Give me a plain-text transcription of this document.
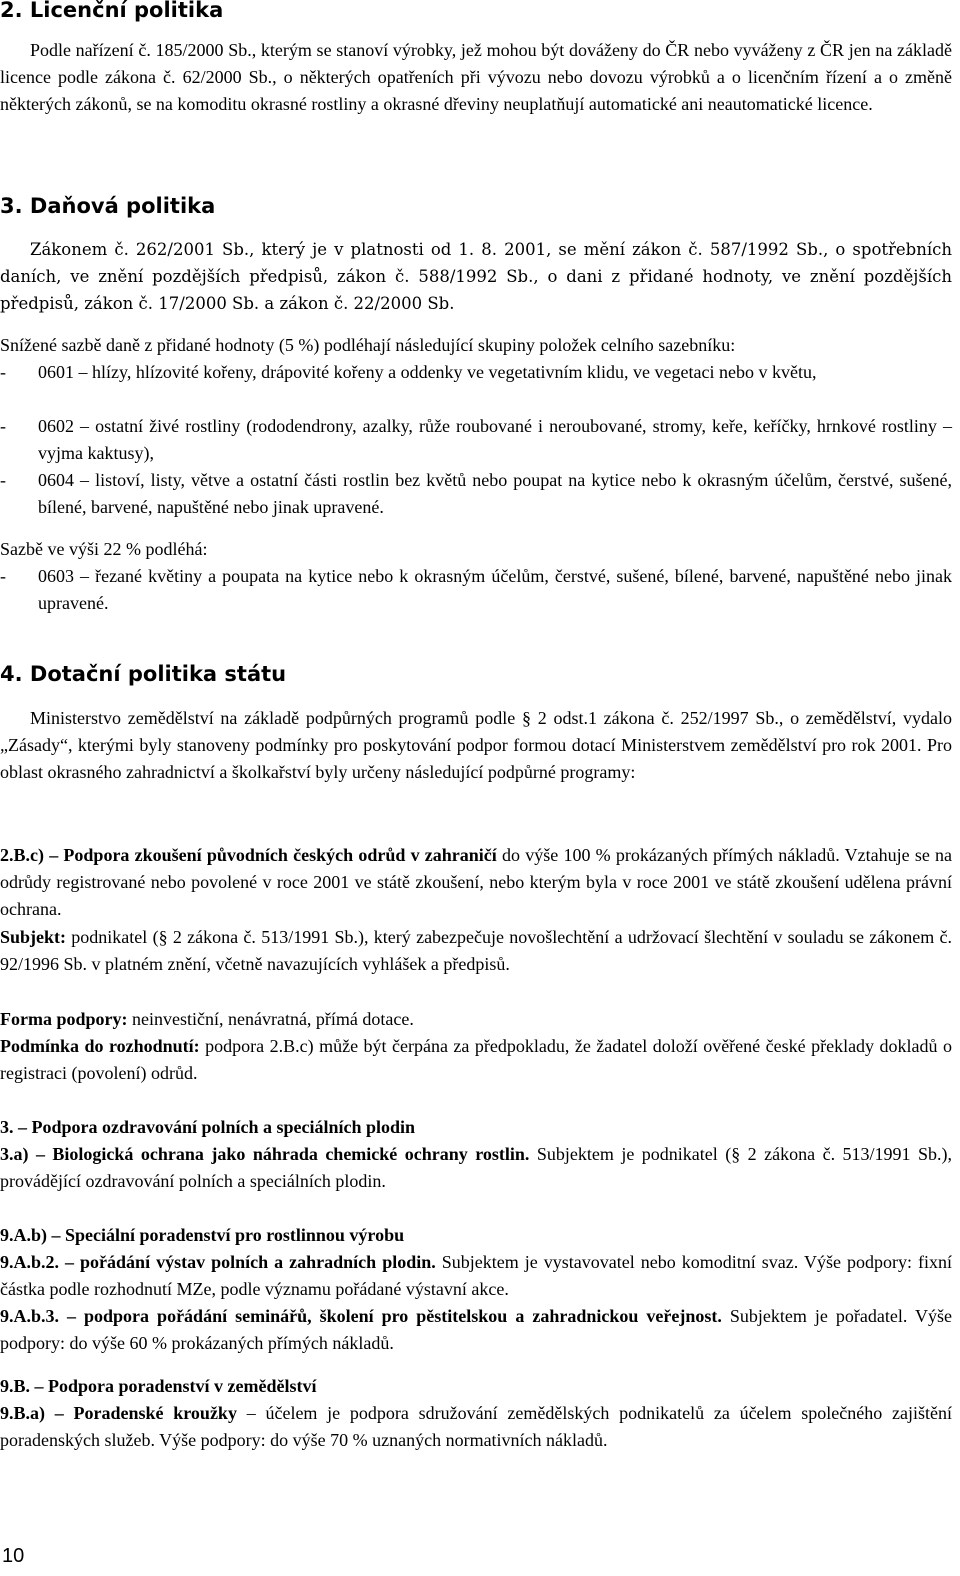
2. Licenční politika

Podle nařízení č. 185/2000 Sb., kterým se stanoví výrobky, jež mohou být dováženy do ČR nebo vyváženy z ČR jen na základě licence podle zákona č. 62/2000 Sb., o některých opatřeních při vývozu nebo dovozu výrobků a o licenčním řízení a o změně některých zákonů, se na komoditu okrasné rostliny a okrasné dřeviny neuplatňují automatické ani neautomatické licence.

3. Daňová politika

Zákonem č. 262/2001 Sb., který je v platnosti od 1. 8. 2001, se mění zákon č. 587/1992 Sb., o spotřebních daních, ve znění pozdějších předpisů, zákon č. 588/1992 Sb., o dani z přidané hodnoty, ve znění pozdějších předpisů, zákon č. 17/2000 Sb. a zákon č. 22/2000 Sb.

Snížené sazbě daně z přidané hodnoty (5 %) podléhají následující skupiny položek celního sazebníku:

- 0601 – hlízy, hlízovité kořeny, drápovité kořeny a oddenky ve vegetativním klidu, ve vegetaci nebo v květu,
- 0602 – ostatní živé rostliny (rododendrony, azalky, růže roubované i neroubované, stromy, keře, keříčky, hrnkové rostliny – vyjma kaktusy),
- 0604 – listoví, listy, větve a ostatní části rostlin bez květů nebo poupat na kytice nebo k okrasným účelům, čerstvé, sušené, bílené, barvené, napuštěné nebo jinak upravené.

Sazbě ve výši 22 % podléhá:

- 0603 – řezané květiny a poupata na kytice nebo k okrasným účelům, čerstvé, sušené, bílené, barvené, napuštěné nebo jinak upravené.
4. Dotační politika státu

Ministerstvo zemědělství na základě podpůrných programů podle § 2 odst.1 zákona č. 252/1997 Sb., o zemědělství, vydalo „Zásady“, kterými byly stanoveny podmínky pro poskytování podpor formou dotací Ministerstvem zemědělství pro rok 2001. Pro oblast okrasného zahradnictví a školkařství byly určeny následující podpůrné programy:

2.B.c) – Podpora zkoušení původních českých odrůd v zahraničí do výše 100 % prokázaných přímých nákladů. Vztahuje se na odrůdy registrované nebo povolené v roce 2001 ve státě zkoušení, nebo kterým byla v roce 2001 ve státě zkoušení udělena právní ochrana.

Subjekt: podnikatel (§ 2 zákona č. 513/1991 Sb.), který zabezpečuje novošlechtění a udržovací šlechtění v souladu se zákonem č. 92/1996 Sb. v platném znění, včetně navazujících vyhlášek a předpisů.

Forma podpory: neinvestiční, nenávratná, přímá dotace.

Podmínka do rozhodnutí: podpora 2.B.c) může být čerpána za předpokladu, že žadatel doloží ověřené české překlady dokladů o registraci (povolení) odrůd.

3. – Podpora ozdravování polních a speciálních plodin

3.a) – Biologická ochrana jako náhrada chemické ochrany rostlin. Subjektem je podnikatel (§ 2 zákona č. 513/1991 Sb.), provádějící ozdravování polních a speciálních plodin.

9.A.b) – Speciální poradenství pro rostlinnou výrobu

9.A.b.2. – pořádání výstav polních a zahradních plodin. Subjektem je vystavovatel nebo komoditní svaz. Výše podpory: fixní částka podle rozhodnutí MZe, podle významu pořádané výstavní akce.

9.A.b.3. – podpora pořádání seminářů, školení pro pěstitelskou a zahradnickou veřejnost. Subjektem je pořadatel. Výše podpory: do výše 60 % prokázaných přímých nákladů.

9.B. – Podpora poradenství v zemědělství

9.B.a) – Poradenské kroužky – účelem je podpora sdružování zemědělských podnikatelů za účelem společného zajištění poradenských služeb. Výše podpory: do výše 70 % uznaných normativních nákladů.

10
